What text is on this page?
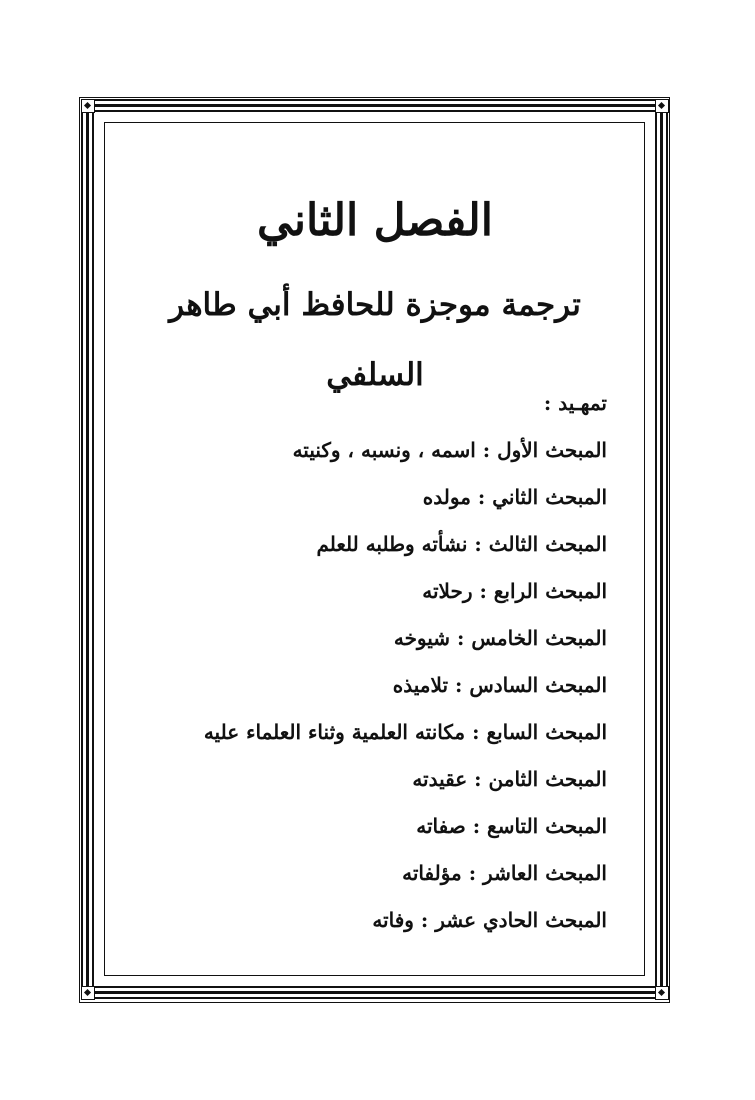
الفصل الثاني
ترجمة موجزة للحافظ أبي طاهر السلفي
تمهـيد :
المبحث الأول : اسمه ، ونسبه ، وكنيته
المبحث الثاني : مولده
المبحث الثالث : نشأته وطلبه للعلم
المبحث الرابع : رحلاته
المبحث الخامس : شيوخه
المبحث السادس : تلاميذه
المبحث السابع : مكانته العلمية وثناء العلماء عليه
المبحث الثامن : عقيدته
المبحث التاسع : صفاته
المبحث العاشر : مؤلفاته
المبحث الحادي عشر : وفاته
